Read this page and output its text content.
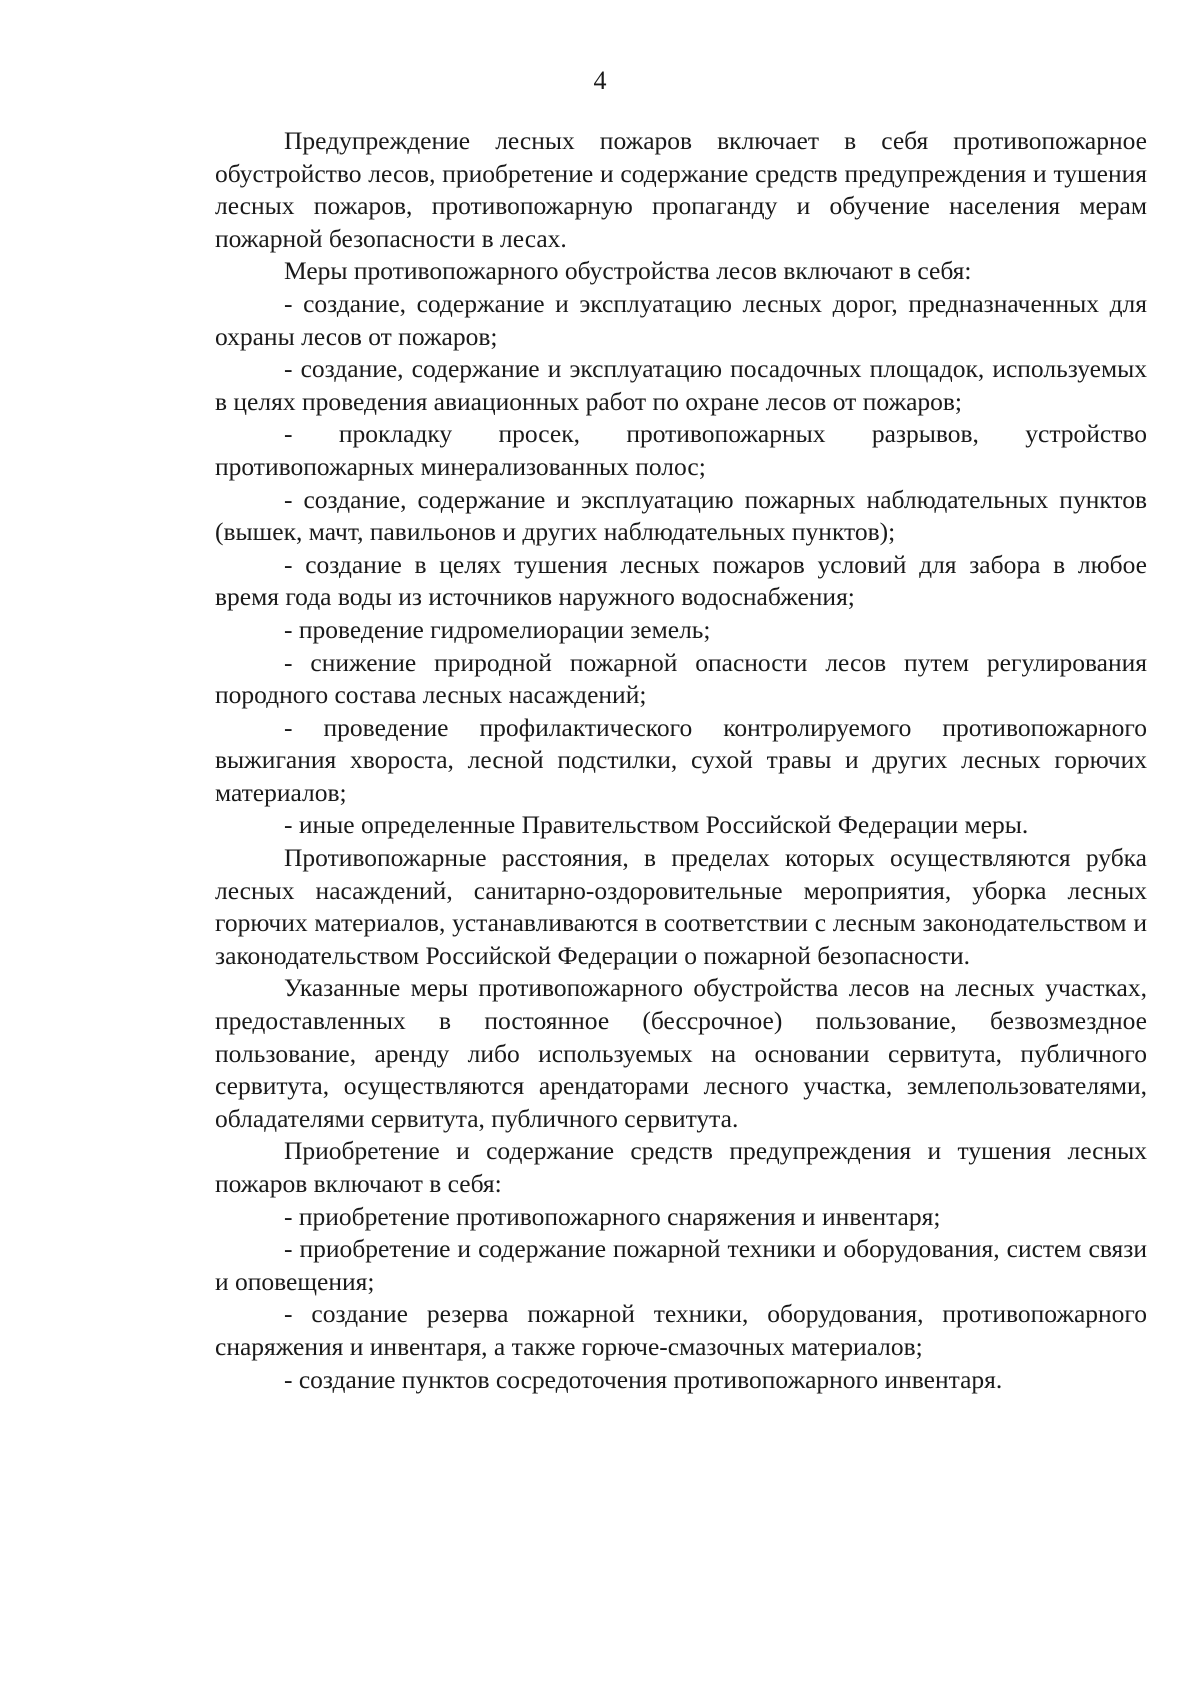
4

Предупреждение лесных пожаров включает в себя противопожарное обустройство лесов, приобретение и содержание средств предупреждения и тушения лесных пожаров, противопожарную пропаганду и обучение населения мерам пожарной безопасности в лесах.

Меры противопожарного обустройства лесов включают в себя:

- создание, содержание и эксплуатацию лесных дорог, предназначенных для охраны лесов от пожаров;

- создание, содержание и эксплуатацию посадочных площадок, используемых в целях проведения авиационных работ по охране лесов от пожаров;

- прокладку просек, противопожарных разрывов, устройство противопожарных минерализованных полос;

- создание, содержание и эксплуатацию пожарных наблюдательных пунктов (вышек, мачт, павильонов и других наблюдательных пунктов);

- создание в целях тушения лесных пожаров условий для забора в любое время года воды из источников наружного водоснабжения;

- проведение гидромелиорации земель;

- снижение природной пожарной опасности лесов путем регулирования породного состава лесных насаждений;

- проведение профилактического контролируемого противопожарного выжигания хвороста, лесной подстилки, сухой травы и других лесных горючих материалов;

- иные определенные Правительством Российской Федерации меры.

Противопожарные расстояния, в пределах которых осуществляются рубка лесных насаждений, санитарно-оздоровительные мероприятия, уборка лесных горючих материалов, устанавливаются в соответствии с лесным законодательством и законодательством Российской Федерации о пожарной безопасности.

Указанные меры противопожарного обустройства лесов на лесных участках, предоставленных в постоянное (бессрочное) пользование, безвозмездное пользование, аренду либо используемых на основании сервитута, публичного сервитута, осуществляются арендаторами лесного участка, землепользователями, обладателями сервитута, публичного сервитута.

Приобретение и содержание средств предупреждения и тушения лесных пожаров включают в себя:

- приобретение противопожарного снаряжения и инвентаря;

- приобретение и содержание пожарной техники и оборудования, систем связи и оповещения;

- создание резерва пожарной техники, оборудования, противопожарного снаряжения и инвентаря, а также горюче-смазочных материалов;

- создание пунктов сосредоточения противопожарного инвентаря.
